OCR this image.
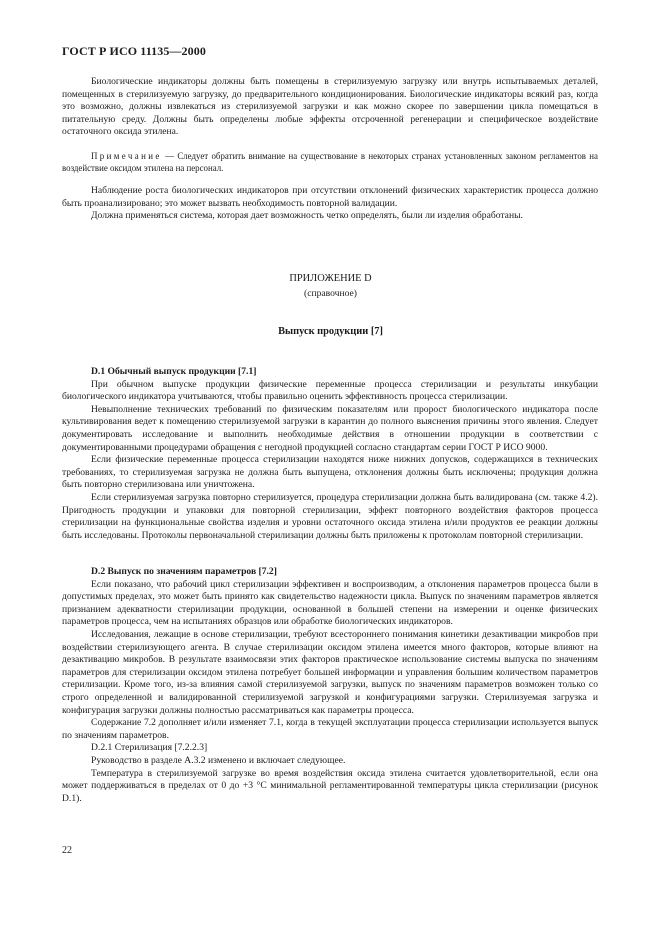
ГОСТ Р ИСО 11135—2000

Биологические индикаторы должны быть помещены в стерилизуемую загрузку или внутрь испытываемых деталей, помещенных в стерилизуемую загрузку, до предварительного кондиционирования. Биологические индикаторы всякий раз, когда это возможно, должны извлекаться из стерилизуемой загрузки и как можно скорее по завершении цикла помещаться в питательную среду. Должны быть определены любые эффекты отсроченной регенерации и специфическое воздействие остаточного оксида этилена.

Примечание — Следует обратить внимание на существование в некоторых странах установленных законом регламентов на воздействие оксидом этилена на персонал.

Наблюдение роста биологических индикаторов при отсутствии отклонений физических характеристик процесса должно быть проанализировано; это может вызвать необходимость повторной валидации.

Должна применяться система, которая дает возможность четко определять, были ли изделия обработаны.

ПРИЛОЖЕНИЕ D
(справочное)
Выпуск продукции [7]

D.1 Обычный выпуск продукции [7.1]

При обычном выпуске продукции физические переменные процесса стерилизации и результаты инкубации биологического индикатора учитываются, чтобы правильно оценить эффективность процесса стерилизации.

Невыполнение технических требований по физическим показателям или пророст биологического индикатора после культивирования ведет к помещению стерилизуемой загрузки в карантин до полного выяснения причины этого явления. Следует документировать исследование и выполнить необходимые действия в отношении продукции в соответствии с документированными процедурами обращения с негодной продукцией согласно стандартам серии ГОСТ Р ИСО 9000.

Если физические переменные процесса стерилизации находятся ниже нижних допусков, содержащихся в технических требованиях, то стерилизуемая загрузка не должна быть выпущена, отклонения должны быть исключены; продукция должна быть повторно стерилизована или уничтожена.

Если стерилизуемая загрузка повторно стерилизуется, процедура стерилизации должна быть валидирована (см. также 4.2). Пригодность продукции и упаковки для повторной стерилизации, эффект повторного воздействия факторов процесса стерилизации на функциональные свойства изделия и уровни остаточного оксида этилена и/или продуктов ее реакции должны быть исследованы. Протоколы первоначальной стерилизации должны быть приложены к протоколам повторной стерилизации.

D.2 Выпуск по значениям параметров [7.2]

Если показано, что рабочий цикл стерилизации эффективен и воспроизводим, а отклонения параметров процесса были в допустимых пределах, это может быть принято как свидетельство надежности цикла. Выпуск по значениям параметров является признанием адекватности стерилизации продукции, основанной в большей степени на измерении и оценке физических параметров процесса, чем на испытаниях образцов или обработке биологических индикаторов.

Исследования, лежащие в основе стерилизации, требуют всестороннего понимания кинетики дезактивации микробов при воздействии стерилизующего агента. В случае стерилизации оксидом этилена имеется много факторов, которые влияют на дезактивацию микробов. В результате взаимосвязи этих факторов практическое использование системы выпуска по значениям параметров для стерилизации оксидом этилена потребует большей информации и управления большим количеством параметров стерилизации. Кроме того, из-за влияния самой стерилизуемой загрузки, выпуск по значениям параметров возможен только со строго определенной и валидированной стерилизуемой загрузкой и конфигурациями загрузки. Стерилизуемая загрузка и конфигурация загрузки должны полностью рассматриваться как параметры процесса.

Содержание 7.2 дополняет и/или изменяет 7.1, когда в текущей эксплуатации процесса стерилизации используется выпуск по значениям параметров.

D.2.1 Стерилизация [7.2.2.3]

Руководство в разделе А.3.2 изменено и включает следующее.

Температура в стерилизуемой загрузке во время воздействия оксида этилена считается удовлетворительной, если она может поддерживаться в пределах от 0 до +3 °С минимальной регламентированной температуры цикла стерилизации (рисунок D.1).

22
